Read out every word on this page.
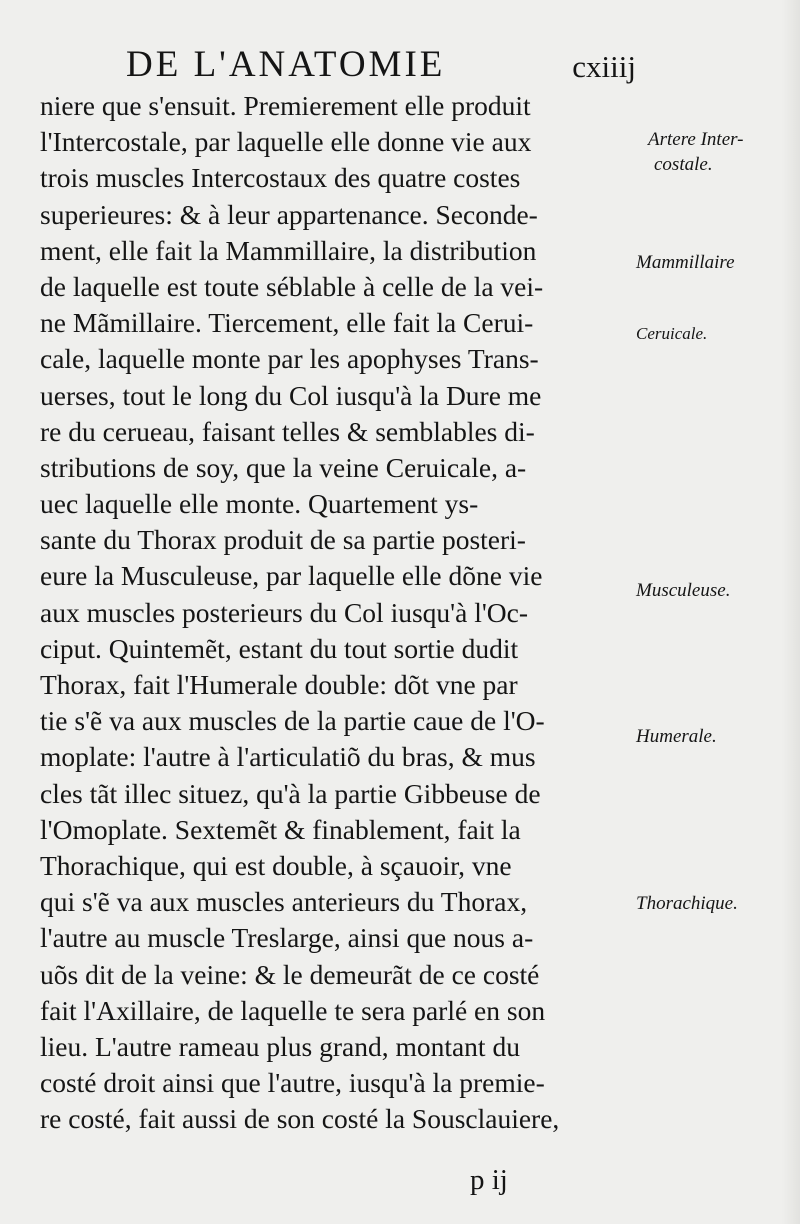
DE L'ANATOMIE	cxiiij
niere que s'ensuit. Premierement elle produit
l'Intercostale, par laquelle elle donne vie aux
trois muscles Intercostaux des quatre costes
superieures: & à leur appartenance. Seconde-
ment, elle fait la Mammillaire, la distribution
de laquelle est toute séblable à celle de la vei-
ne Mãmillaire. Tiercement, elle fait la Cerui-
cale, laquelle monte par les apophyses Trans-
uerses, tout le long du Col iusqu'à la Dure me
re du cerueau, faisant telles & semblables di-
stributions de soy, que la veine Ceruicale, a-
uec laquelle elle monte. Quartement ys-
sante du Thorax produit de sa partie posteri-
eure la Musculeuse, par laquelle elle dõne vie
aux muscles posterieurs du Col iusqu'à l'Oc-
ciput. Quintemẽt, estant du tout sortie dudit
Thorax, fait l'Humerale double: dõt vne par
tie s'ẽ va aux muscles de la partie caue de l'O-
moplate: l'autre à l'articulatiõ du bras, & mus
cles tãt illec situez, qu'à la partie Gibbeuse de
l'Omoplate. Sextemẽt & finablement, fait la
Thorachique, qui est double, à sçauoir, vne
qui s'ẽ va aux muscles anterieurs du Thorax,
l'autre au muscle Treslarge, ainsi que nous a-
uõs dit de la veine: & le demeurãt de ce costé
fait l'Axillaire, de laquelle te sera parlé en son
lieu. L'autre rameau plus grand, montant du
costé droit ainsi que l'autre, iusqu'à la premie-
re costé, fait aussi de son costé la Sousclauiere,
Artere Inter-
costale.
Mammillaire
Ceruicale.
Musculeuse.
Humerale.
Thorachique.
p ij
